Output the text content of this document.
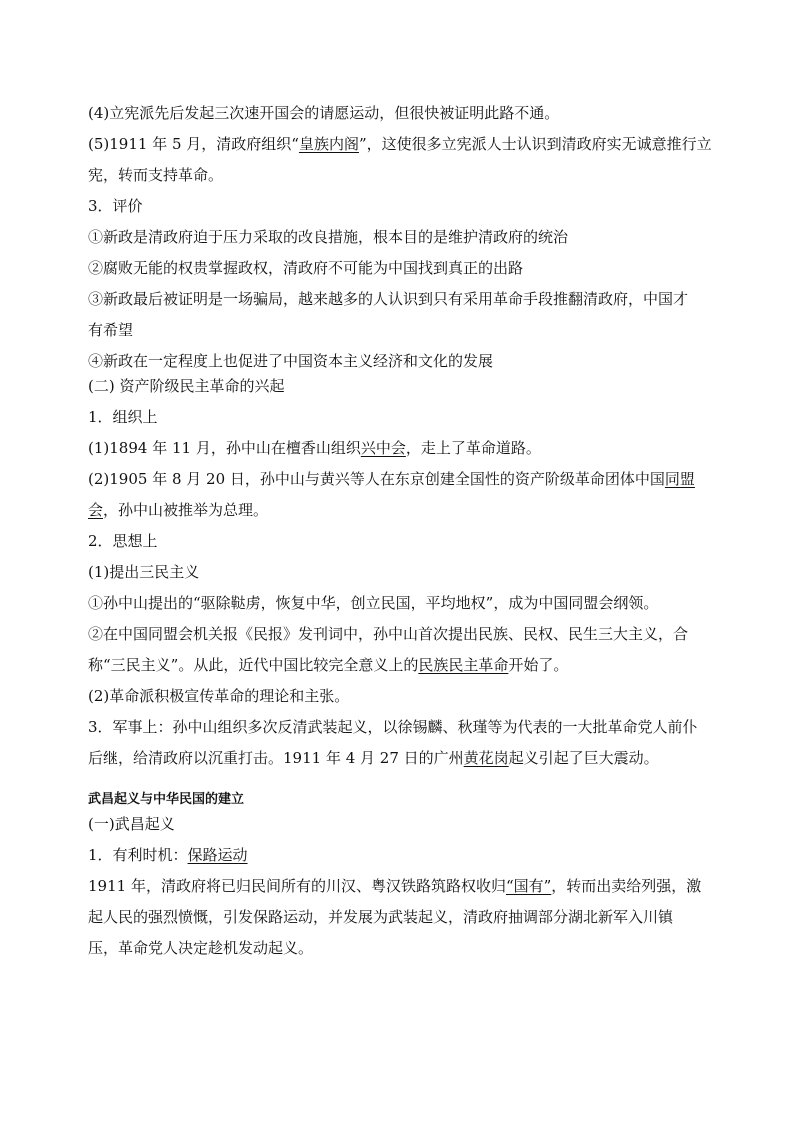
(4)立宪派先后发起三次速开国会的请愿运动，但很快被证明此路不通。
(5)1911 年 5 月，清政府组织“皇族内阁”，这使很多立宪派人士认识到清政府实无诚意推行立
宪，转而支持革命。
3．评价
①新政是清政府迫于压力采取的改良措施，根本目的是维护清政府的统治
②腐败无能的权贵掌握政权，清政府不可能为中国找到真正的出路
③新政最后被证明是一场骗局，越来越多的人认识到只有采用革命手段推翻清政府，中国才
有希望
④新政在一定程度上也促进了中国资本主义经济和文化的发展
(二) 资产阶级民主革命的兴起
1．组织上
(1)1894 年 11 月，孙中山在檀香山组织兴中会，走上了革命道路。
(2)1905 年 8 月 20 日，孙中山与黄兴等人在东京创建全国性的资产阶级革命团体中国同盟
会，孙中山被推举为总理。
2．思想上
(1)提出三民主义
①孙中山提出的“驱除鞑虏，恢复中华，创立民国，平均地权”，成为中国同盟会纲领。
②在中国同盟会机关报《民报》发刊词中，孙中山首次提出民族、民权、民生三大主义，合
称“三民主义”。从此，近代中国比较完全意义上的民族民主革命开始了。
(2)革命派积极宣传革命的理论和主张。
3．军事上：孙中山组织多次反清武装起义，以徐锡麟、秋瑾等为代表的一大批革命党人前仆
后继，给清政府以沉重打击。1911 年 4 月 27 日的广州黄花岗起义引起了巨大震动。
武昌起义与中华民国的建立
(一)武昌起义
1．有利时机：保路运动
1911 年，清政府将已归民间所有的川汉、粤汉铁路筑路权收归“国有”，转而出卖给列强，激
起人民的强烈愤慨，引发保路运动，并发展为武装起义，清政府抽调部分湖北新军入川镇
压，革命党人决定趁机发动起义。
